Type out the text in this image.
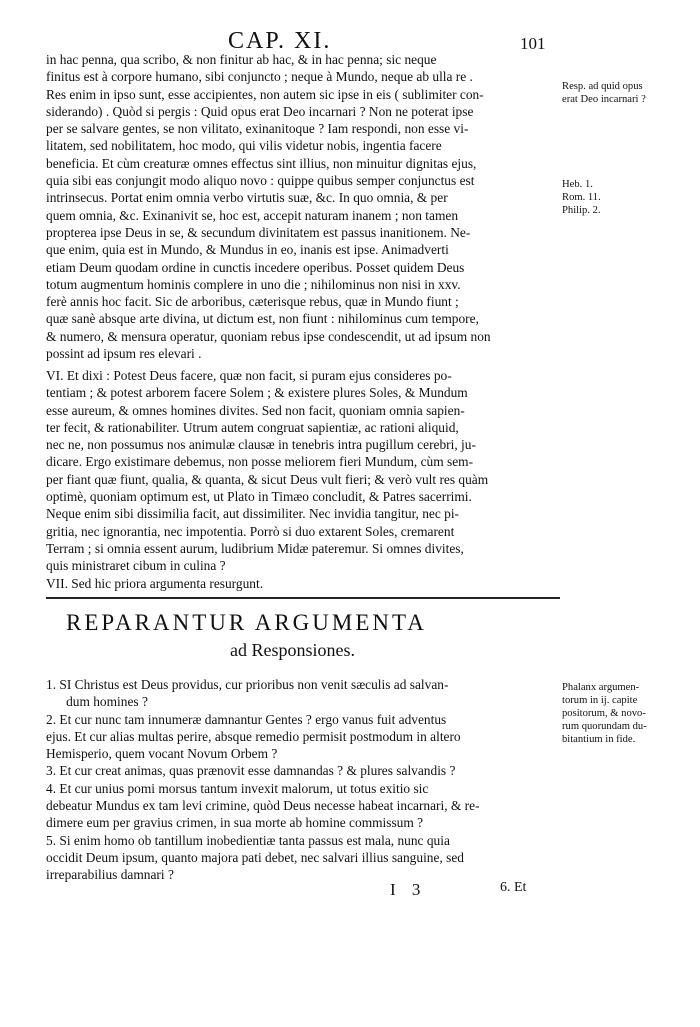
CAP. XI.	101
in hac penna, qua scribo, & non finitur ab hac, & in hac penna; sic neque
finitus est à corpore humano, sibi conjuncto ; neque à Mundo, neque ab ulla re .
Res enim in ipso sunt, esse accipientes, non autem sic ipse in eis ( sublimiter con-
siderando) . Quòd si pergis : Quid opus erat Deo incarnari ? Non ne poterat ipse
per se salvare gentes, se non vilitato, exinanitoque ? Iam respondi, non esse vi-
litatem, sed nobilitatem, hoc modo, qui vilis videtur nobis, ingentia facere
beneficia. Et cùm creaturæ omnes effectus sint illius, non minuitur dignitas ejus,
quia sibi eas conjungit modo aliquo novo : quippe quibus semper conjunctus est
intrinsecus. Portat enim omnia verbo virtutis suæ, &c. In quo omnia, & per
quem omnia, &c. Exinanivit se, hoc est, accepit naturam inanem ; non tamen
propterea ipse Deus in se, & secundum divinitatem est passus inanitionem. Ne-
que enim, quia est in Mundo, & Mundus in eo, inanis est ipse. Animadverti
etiam Deum quodam ordine in cunctis incedere operibus. Posset quidem Deus
totum augmentum hominis complere in uno die ; nihilominus non nisi in xxv.
ferè annis hoc facit. Sic de arboribus, cæterisque rebus, quæ in Mundo fiunt ;
quæ sanè absque arte divina, ut dictum est, non fiunt : nihilominus cum tempore,
& numero, & mensura operatur, quoniam rebus ipse condescendit, ut ad ipsum non
possint ad ipsum res elevari .
VI. Et dixi : Potest Deus facere, quæ non facit, si puram ejus consideres po-
tentiam ; & potest arborem facere Solem ; & existere plures Soles, & Mundum
esse aureum, & omnes homines divites. Sed non facit, quoniam omnia sapien-
ter fecit, & rationabiliter. Utrum autem congruat sapientiæ, ac rationi aliquid,
nec ne, non possumus nos animulæ clausæ in tenebris intra pugillum cerebri, ju-
dicare. Ergo existimare debemus, non posse meliorem fieri Mundum, cùm sem-
per fiant quæ fiunt, qualia, & quanta, & sicut Deus vult fieri; & verò vult res quàm
optimè, quoniam optimum est, ut Plato in Timæo concludit, & Patres sacerrimi.
Neque enim sibi dissimilia facit, aut dissimiliter. Nec invidia tangitur, nec pi-
gritia, nec ignorantia, nec impotentia. Porrò si duo extarent Soles, cremarent
Terram ; si omnia essent aurum, ludibrium Midæ pateremur. Si omnes divites,
quis ministraret cibum in culina ?
VII. Sed hic priora argumenta resurgunt.
REPARANTUR ARGUMENTA
ad Responsiones.
1. SI Christus est Deus providus, cur prioribus non venit sæculis ad salvan-
dum homines ?
2. Et cur nunc tam innumeræ damnantur Gentes ? ergo vanus fuit adventus
ejus. Et cur alias multas perire, absque remedio permisit postmodum in altero
Hemisperio, quem vocant Novum Orbem ?
3. Et cur creat animas, quas prænovit esse damnandas ? & plures salvandis ?
4. Et cur unius pomi morsus tantum invexit malorum, ut totus exitio sic
debeatur Mundus ex tam levi crimine, quòd Deus necesse habeat incarnari, & re-
dimere eum per gravius crimen, in sua morte ab homine commissum ?
5. Si enim homo ob tantillum inobedientiæ tanta passus est mala, nunc quia
occidit Deum ipsum, quanto majora pati debet, nec salvari illius sanguine, sed
irreparabilius damnari ?
Resp. ad quid opus
erat Deo incarnari ?
Heb. 1.
Rom. 11.
Philip. 2.
Phalanx argumen-
torum in ij. capite
positorum, & novo-
rum quorundam du-
bitantium in fide.
I 3	6. Et
